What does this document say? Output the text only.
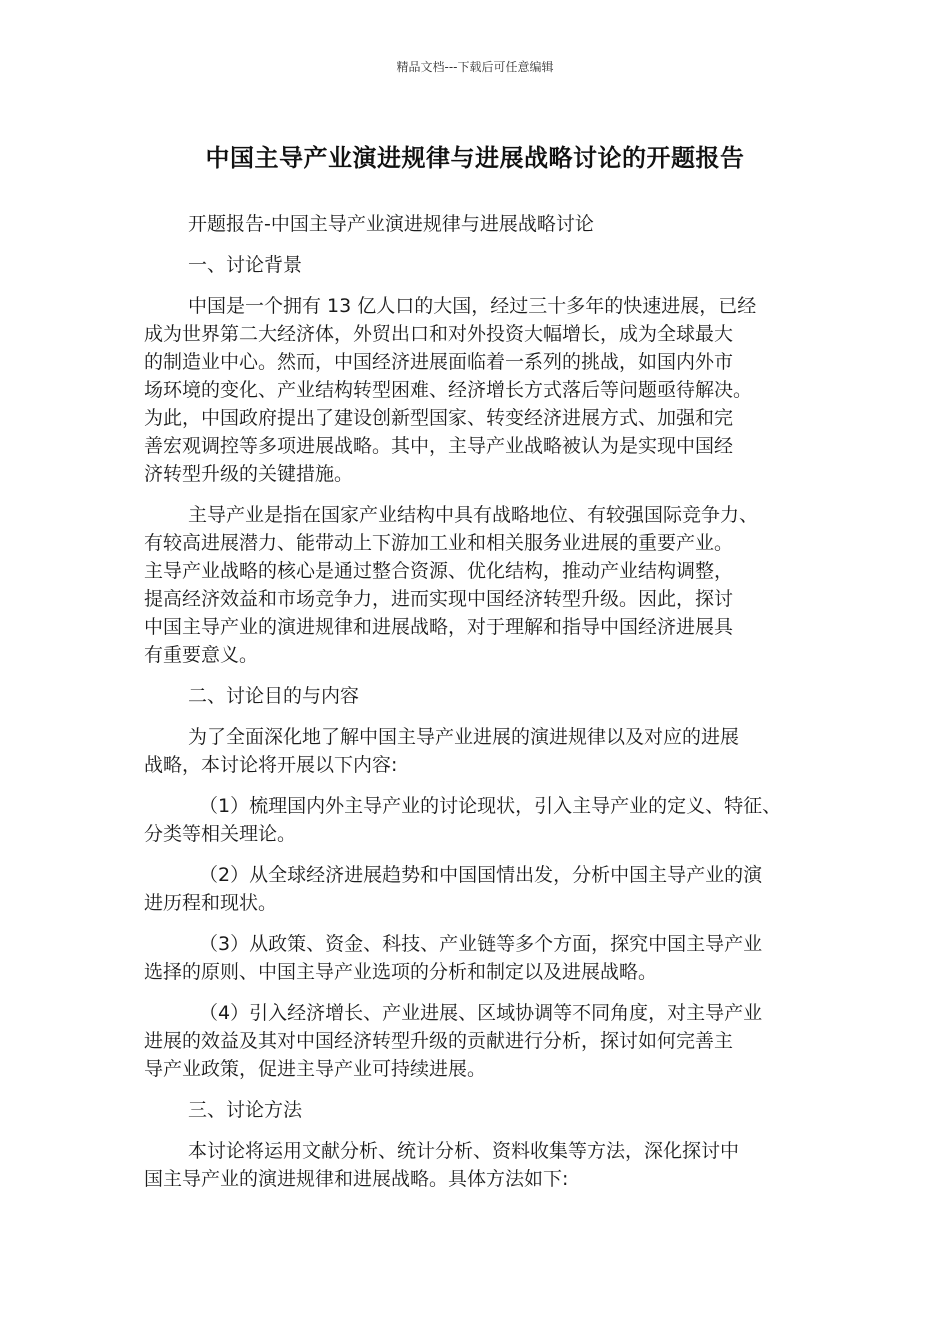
精品文档---下载后可任意编辑
中国主导产业演进规律与进展战略讨论的开题报告

开题报告-中国主导产业演进规律与进展战略讨论

一、讨论背景

中国是一个拥有 13 亿人口的大国，经过三十多年的快速进展，已经
成为世界第二大经济体，外贸出口和对外投资大幅增长，成为全球最大
的制造业中心。然而，中国经济进展面临着一系列的挑战，如国内外市
场环境的变化、产业结构转型困难、经济增长方式落后等问题亟待解决。
为此，中国政府提出了建设创新型国家、转变经济进展方式、加强和完
善宏观调控等多项进展战略。其中，主导产业战略被认为是实现中国经
济转型升级的关键措施。

主导产业是指在国家产业结构中具有战略地位、有较强国际竞争力、
有较高进展潜力、能带动上下游加工业和相关服务业进展的重要产业。
主导产业战略的核心是通过整合资源、优化结构，推动产业结构调整，
提高经济效益和市场竞争力，进而实现中国经济转型升级。因此，探讨
中国主导产业的演进规律和进展战略，对于理解和指导中国经济进展具
有重要意义。

二、讨论目的与内容

为了全面深化地了解中国主导产业进展的演进规律以及对应的进展
战略，本讨论将开展以下内容:

（1）梳理国内外主导产业的讨论现状，引入主导产业的定义、特征、
分类等相关理论。

（2）从全球经济进展趋势和中国国情出发，分析中国主导产业的演
进历程和现状。

（3）从政策、资金、科技、产业链等多个方面，探究中国主导产业
选择的原则、中国主导产业选项的分析和制定以及进展战略。

（4）引入经济增长、产业进展、区域协调等不同角度，对主导产业
进展的效益及其对中国经济转型升级的贡献进行分析，探讨如何完善主
导产业政策，促进主导产业可持续进展。

三、讨论方法

本讨论将运用文献分析、统计分析、资料收集等方法，深化探讨中
国主导产业的演进规律和进展战略。具体方法如下:
